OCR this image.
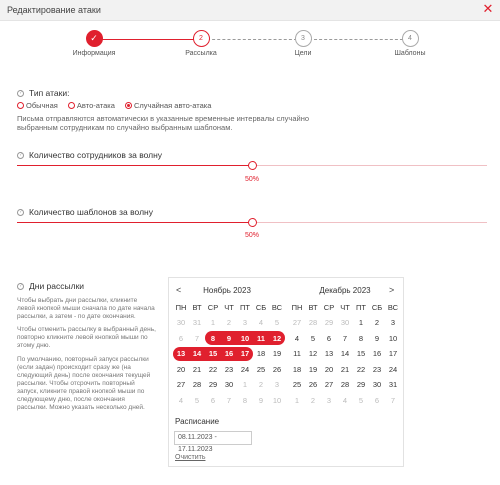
Редактирование атаки	✕
✓
Информация
2
Рассылка
3
Цели
4
Шаблоны
? Тип атаки:
Обычная	Авто-атака	Случайная авто-атака
Письма отправляются автоматически в указанные временные интервалы случайно выбранным сотрудникам по случайно выбранным шаблонам.
? Количество сотрудников за волну
50%
? Количество шаблонов за волну
50%
? Дни рассылки
Чтобы выбрать дни рассылки, кликните левой кнопкой мыши сначала по дате начала рассылки, а затем - по дате окончания.
Чтобы отменить рассылку в выбранный день, повторно кликните левой кнопкой мыши по этому дню.
По умолчанию, повторный запуск рассылки (если задан) происходит сразу же (на следующий день) после окончания текущей рассылки. Чтобы отсрочить повторный запуск, кликните правой кнопкой мыши по следующему дню, после окончания рассылки. Можно указать несколько дней.
<	>
Ноябрь 2023	Декабрь 2023
ПН ВТ СР ЧТ ПТ СБ ВС
30	31	1	2	3	4	5
6	7	8	9	10	11	12
13	14	15	16	17	18	19
20	21	22	23	24	25	26
27	28	29	30	1	2	3
4	5	6	7	8	9	10
ПН ВТ СР ЧТ ПТ СБ ВС
27	28	29	30	1	2	3
4	5	6	7	8	9	10
11	12	13	14	15	16	17
18	19	20	21	22	23	24
25	26	27	28	29	30	31
1	2	3	4	5	6	7
Расписание
08.11.2023 - 17.11.2023
Очистить
